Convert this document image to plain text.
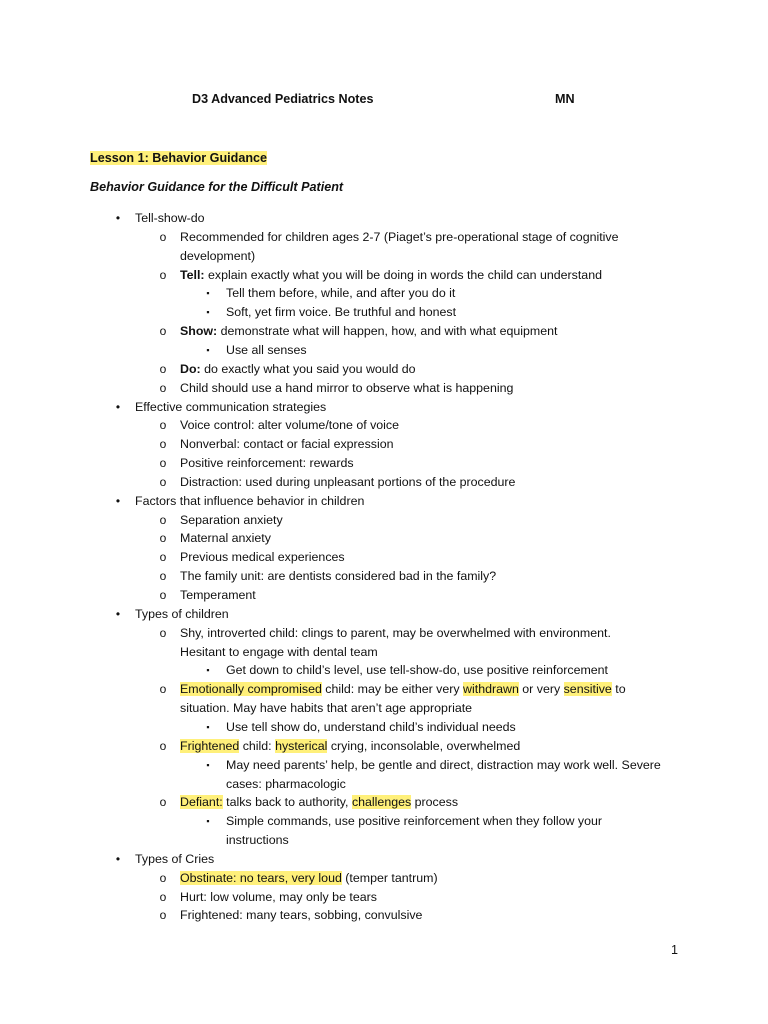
D3 Advanced Pediatrics Notes	MN
Lesson 1: Behavior Guidance
Behavior Guidance for the Difficult Patient
•	Tell-show-do
o Recommended for children ages 2-7 (Piaget’s pre-operational stage of cognitive
development)
o Tell: explain exactly what you will be doing in words the child can understand
▪	Tell them before, while, and after you do it
▪	Soft, yet firm voice. Be truthful and honest
o Show: demonstrate what will happen, how, and with what equipment
▪	Use all senses
o Do: do exactly what you said you would do
o Child should use a hand mirror to observe what is happening
•	Effective communication strategies
o Voice control: alter volume/tone of voice
o Nonverbal: contact or facial expression
o Positive reinforcement: rewards
o Distraction: used during unpleasant portions of the procedure
•	Factors that influence behavior in children
o Separation anxiety
o Maternal anxiety
o Previous medical experiences
o The family unit: are dentists considered bad in the family?
o Temperament
•	Types of children
o Shy, introverted child: clings to parent, may be overwhelmed with environment.
Hesitant to engage with dental team
▪	Get down to child’s level, use tell-show-do, use positive reinforcement
o Emotionally compromised child: may be either very withdrawn or very sensitive to
situation. May have habits that aren’t age appropriate
▪	Use tell show do, understand child’s individual needs
o Frightened child: hysterical crying, inconsolable, overwhelmed
▪	May need parents’ help, be gentle and direct, distraction may work well. Severe
cases: pharmacologic
o Defiant: talks back to authority, challenges process
▪	Simple commands, use positive reinforcement when they follow your
instructions
•	Types of Cries
o Obstinate: no tears, very loud (temper tantrum)
o Hurt: low volume, may only be tears
o Frightened: many tears, sobbing, convulsive
1
